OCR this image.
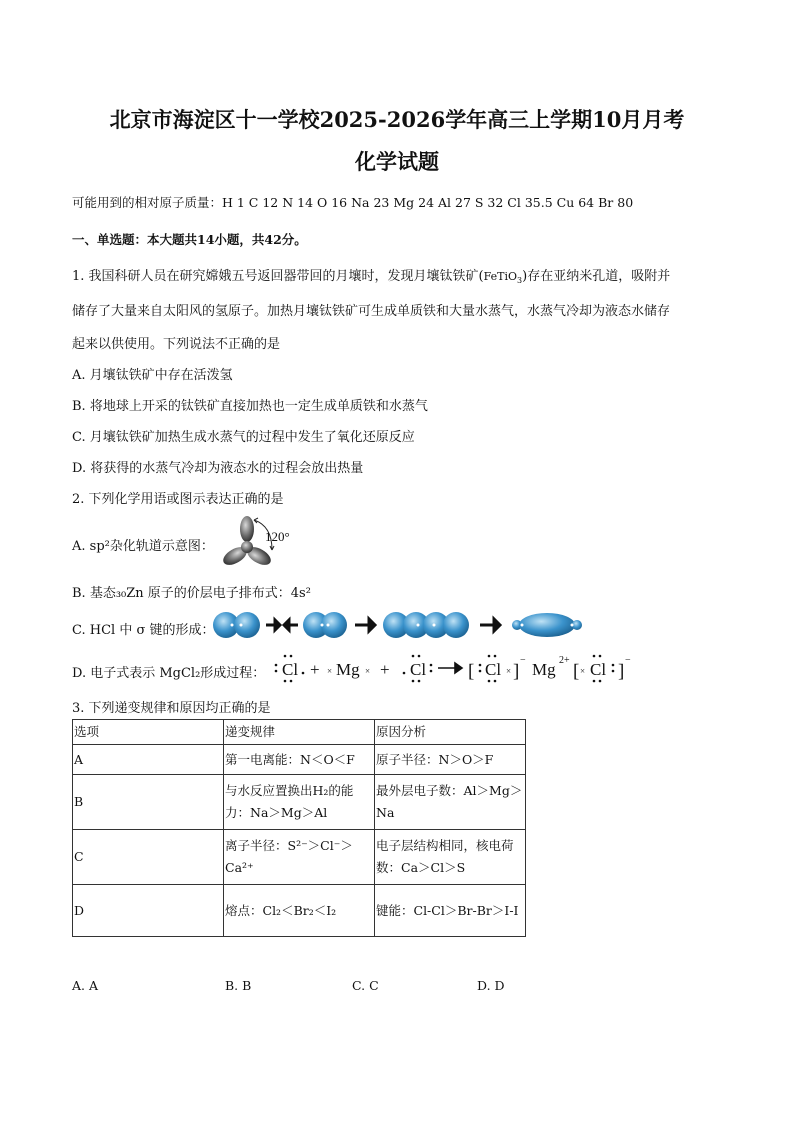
北京市海淀区十一学校2025-2026学年高三上学期10月月考
化学试题
可能用到的相对原子质量：H 1 C 12 N 14 O 16 Na 23 Mg 24 Al 27 S 32 Cl 35.5 Cu 64 Br 80
一、单选题：本大题共14小题，共42分。
1. 我国科研人员在研究嫦娥五号返回器带回的月壤时，发现月壤钛铁矿(FeTiO$_3$)存在亚纳米孔道，吸附并
储存了大量来自太阳风的氢原子。加热月壤钛铁矿可生成单质铁和大量水蒸气，水蒸气冷却为液态水储存
起来以供使用。下列说法不正确的是
A. 月壤钛铁矿中存在活泼氢
B. 将地球上开采的钛铁矿直接加热也一定生成单质铁和水蒸气
C. 月壤钛铁矿加热生成水蒸气的过程中发生了氧化还原反应
D. 将获得的水蒸气冷却为液态水的过程会放出热量
2. 下列化学用语或图示表达正确的是
A. sp²杂化轨道示意图：
120°
B. 基态₃₀Zn 原子的价层电子排布式：4s²
C. HCl 中 σ 键的形成：
D. 电子式表示 MgCl₂形成过程： Cl + × Mg × + Cl [ Cl × ]
− Mg 2+
[ × Cl ]
−
3. 下列递变规律和原因均正确的是
选项	递变规律	原因分析
A	第一电离能：N＜O＜F	原子半径：N＞O＞F
B	与水反应置换出H₂的能力：Na＞Mg＞Al	最外层电子数：Al＞Mg＞Na
C	离子半径：S²⁻＞Cl⁻＞Ca²⁺	电子层结构相同，核电荷数：Ca＞Cl＞S
D	熔点：Cl₂＜Br₂＜I₂	键能：Cl-Cl＞Br-Br＞I-I
A. A	B. B	C. C	D. D
